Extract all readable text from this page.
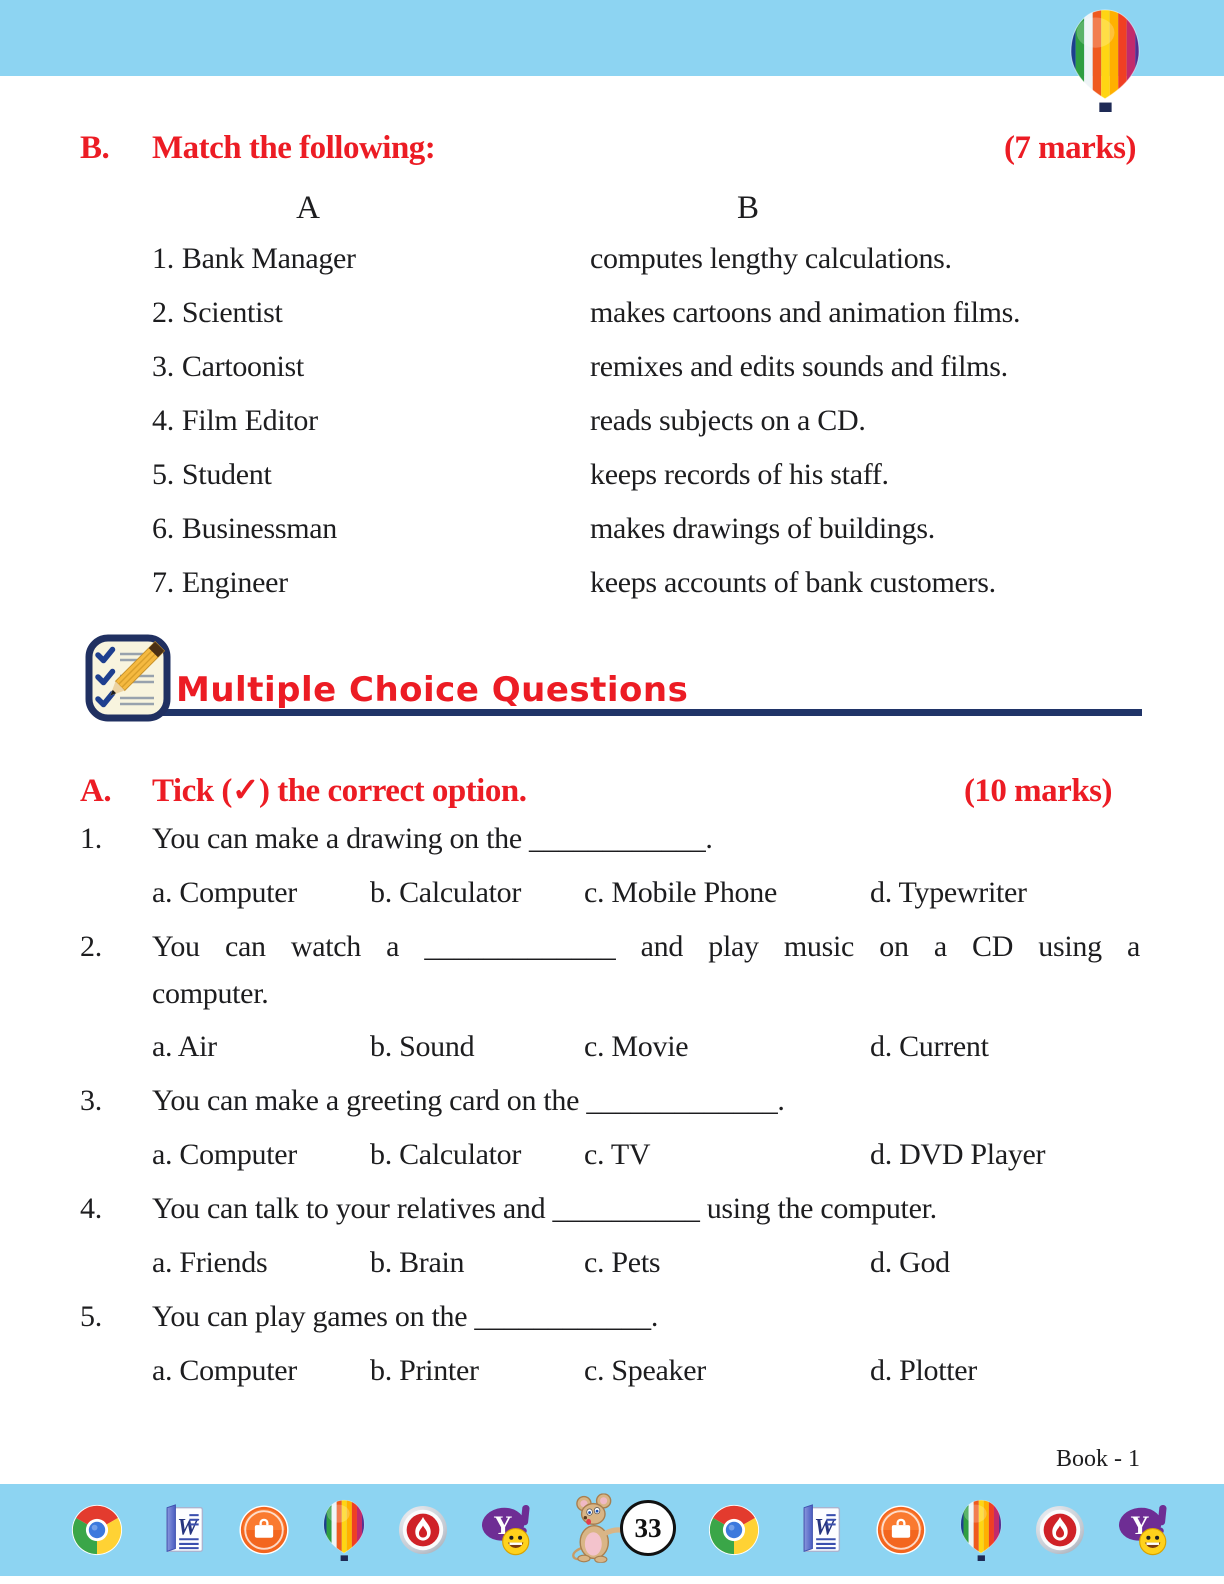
B.	Match the following:	(7 marks)
A	B
1. Bank Manager	computes lengthy calculations.
2. Scientist	makes cartoons and animation films.
3. Cartoonist	remixes and edits sounds and films.
4. Film Editor	reads subjects on a CD.
5. Student	keeps records of his staff.
6. Businessman	makes drawings of buildings.
7. Engineer	keeps accounts of bank customers.
Multiple Choice Questions
A.	Tick (✓) the correct option.	(10 marks)
1.	You can make a drawing on the ____________.
a. Computer	b. Calculator	c. Mobile Phone	d. Typewriter
2.	You can watch a _____________ and play music on a CD using a
computer.
a. Air	b. Sound	c. Movie	d. Current
3.	You can make a greeting card on the _____________.
a. Computer	b. Calculator	c. TV	d. DVD Player
4.	You can talk to your relatives and __________ using the computer.
a. Friends	b. Brain	c. Pets	d. God
5.	You can play games on the ____________.
a. Computer	b. Printer	c. Speaker	d. Plotter
Book - 1
33
